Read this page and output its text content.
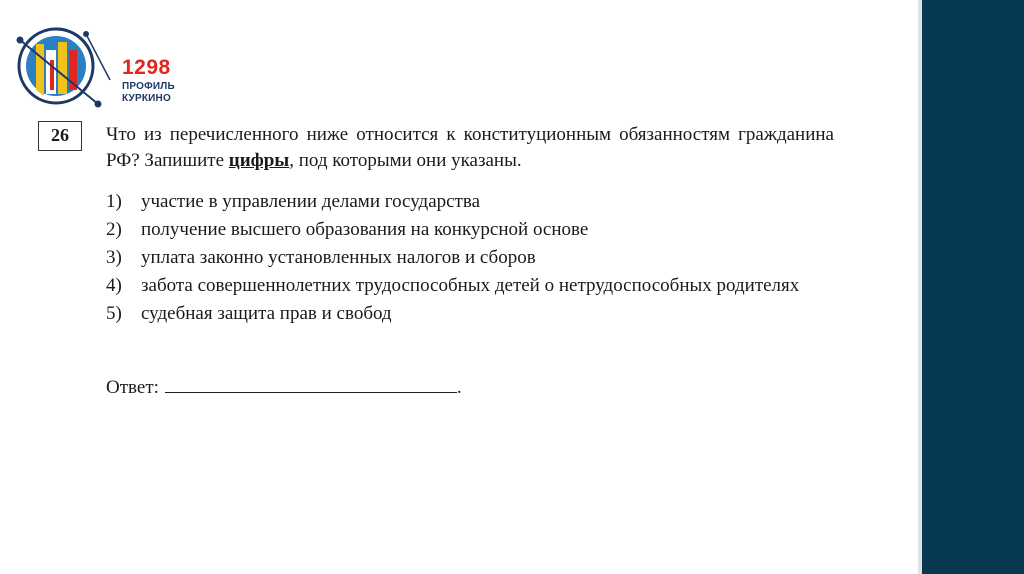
1298
ПРОФИЛЬ
КУРКИНО
26	Что из перечисленного ниже относится к конституционным обязанностям гражданина РФ? Запишите цифры, под которыми они указаны.
1) участие в управлении делами государства
2) получение высшего образования на конкурсной основе
3) уплата законно установленных налогов и сборов
4) забота совершеннолетних трудоспособных детей о нетрудоспособных родителях
5) судебная защита прав и свобод
Ответ:	.
